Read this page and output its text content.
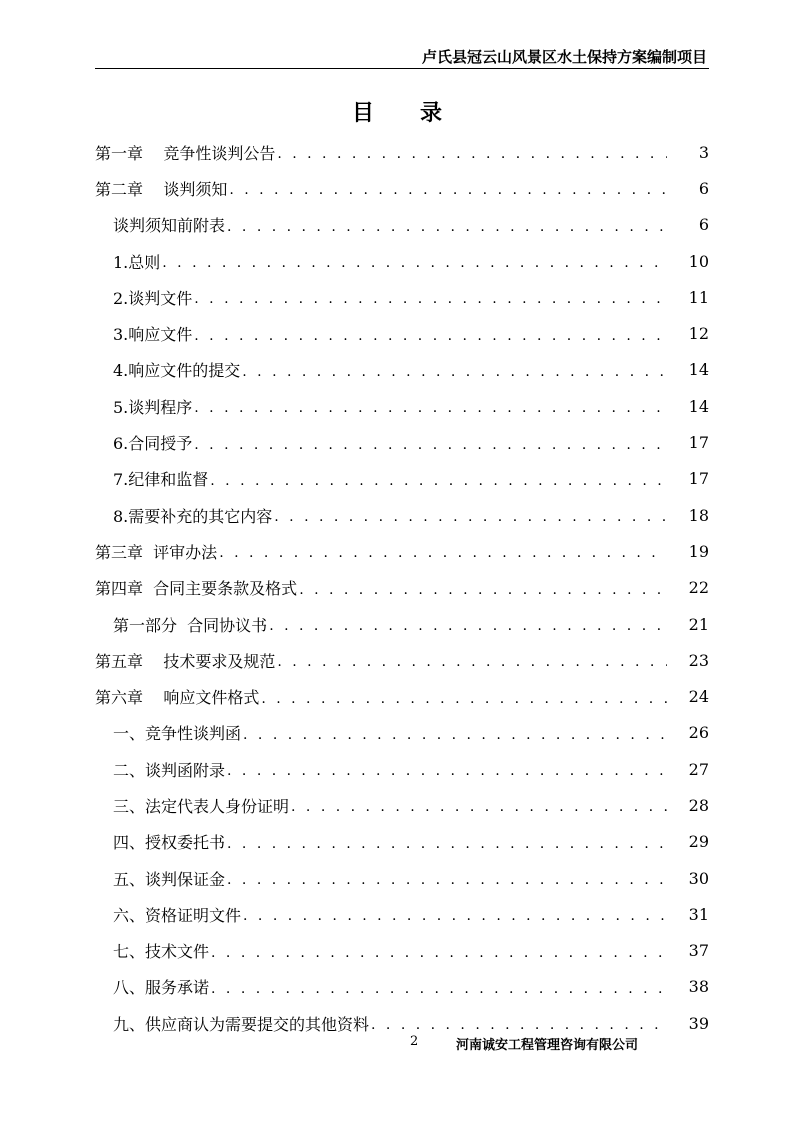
卢氏县冠云山风景区水土保持方案编制项目
目 录
第一章    竞争性谈判公告 . . .	3
第二章    谈判须知 . . .	6
谈判须知前附表 . . .	6
1.总则 . . .	10
2.谈判文件 . . .	11
3.响应文件 . . .	12
4.响应文件的提交 . . .	14
5.谈判程序 . . .	14
6.合同授予 . . .	17
7.纪律和监督 . . .	17
8.需要补充的其它内容 . . .	18
第三章  评审办法 . . .	19
第四章  合同主要条款及格式 . . .	22
第一部分  合同协议书 . . .	21
第五章    技术要求及规范 . . .	23
第六章    响应文件格式 . . .	24
一、竞争性谈判函 . . .	26
二、谈判函附录 . . .	27
三、法定代表人身份证明 . . .	28
四、授权委托书 . . .	29
五、谈判保证金 . . .	30
六、资格证明文件 . . .	31
七、技术文件 . . .	37
八、服务承诺 . . .	38
九、供应商认为需要提交的其他资料 . . .	39
2	河南诚安工程管理咨询有限公司
